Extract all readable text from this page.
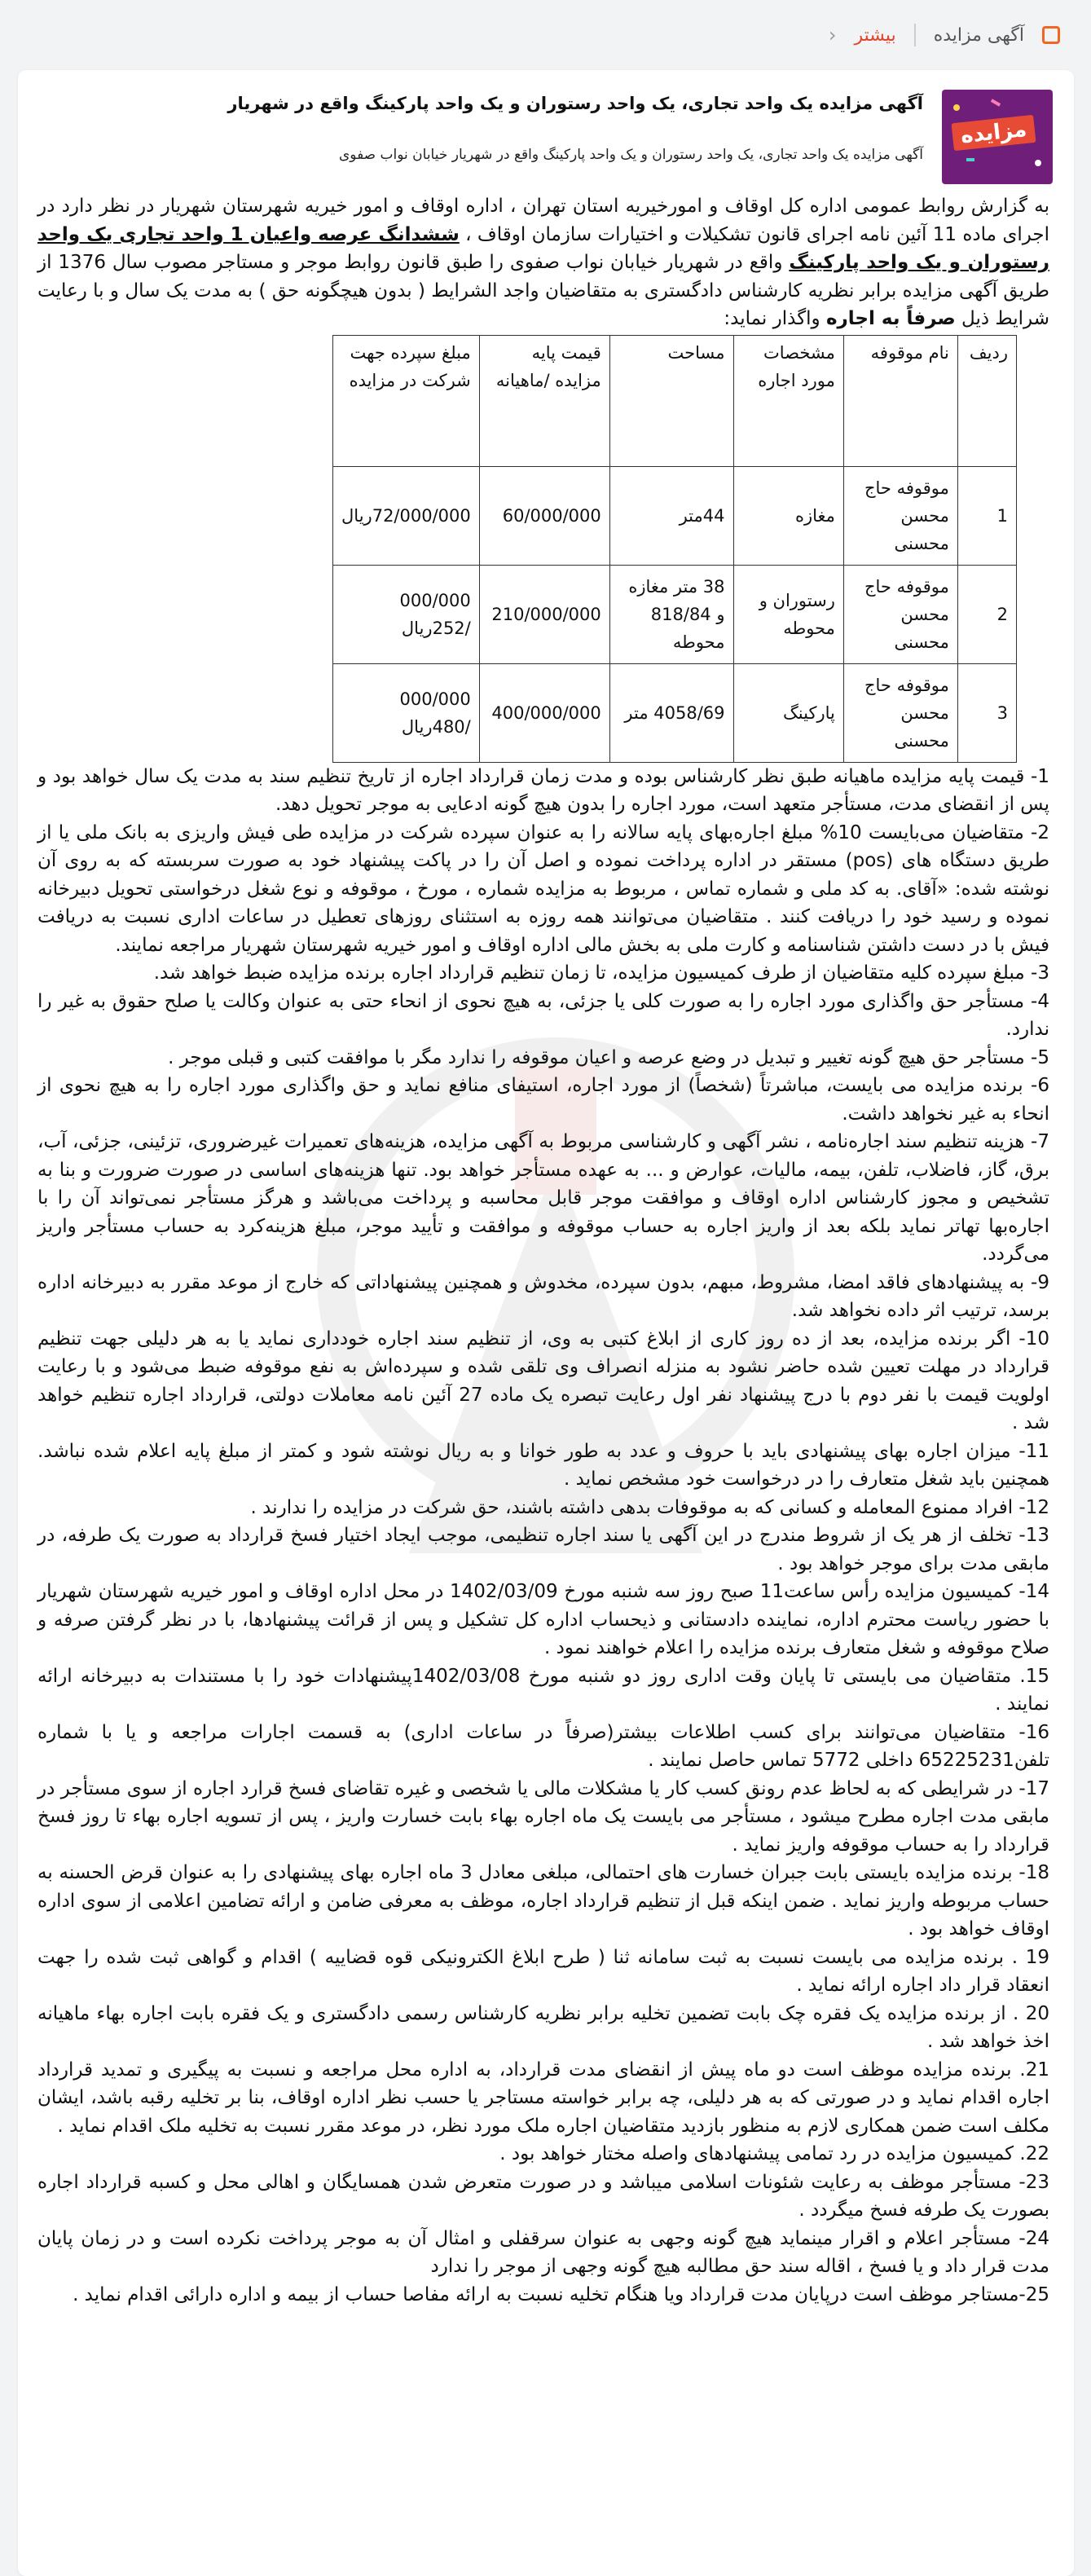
آگهی مزایده
بیشتر
‹
مزایده
آگهی مزایده یک واحد تجاری، یک واحد رستوران و یک واحد پارکینگ واقع در شهریار
آگهی مزایده یک واحد تجاری، یک واحد رستوران و یک واحد پارکینگ واقع در شهریار خیابان نواب صفوی

به گزارش روابط عمومی اداره کل اوقاف و امورخیریه استان تهران ، اداره اوقاف و امور خیریه شهرستان شهریار در نظر دارد در اجرای ماده 11 آئین نامه اجرای قانون تشکیلات و اختیارات سازمان اوقاف ، ششدانگ عرصه واعیان 1 واحد تجاری یک واحد رستوران و یک واحد پارکینگ واقع در شهریار خیابان نواب صفوی را طبق قانون روابط موجر و مستاجر مصوب سال 1376 از طریق آگهی مزایده برابر نظریه کارشناس دادگستری به متقاضیان واجد الشرایط ( بدون هیچگونه حق ) به مدت یک سال و با رعایت شرایط ذیل صرفاً به اجاره واگذار نماید:

ردیف	نام موقوفه	مشخصات مورد اجاره	مساحت	قیمت پایه مزایده /ماهیانه	مبلغ سپرده جهت شرکت در مزایده
1	موقوفه حاج محسن محسنی	مغازه	44متر	60/000/000	72/000/000ریال
2	موقوفه حاج محسن محسنی	رستوران و محوطه	38 متر مغازه و 818/84 محوطه	210/000/000	000/000 /252ریال
3	موقوفه حاج محسن محسنی	پارکینگ	4058/69 متر	400/000/000	000/000 /480ریال

1- قیمت پایه مزایده ماهیانه طبق نظر کارشناس بوده و مدت زمان قرارداد اجاره از تاریخ تنظیم سند به مدت یک سال خواهد بود و پس از انقضای مدت، مستأجر متعهد است، مورد اجاره را بدون هیچ گونه ادعایی به موجر تحویل دهد.

2- متقاضیان می‌بایست 10% مبلغ اجاره‌بهای پایه سالانه را به عنوان سپرده شرکت در مزایده طی فیش واریزی به بانک ملی یا از طریق دستگاه های (pos) مستقر در اداره پرداخت نموده و اصل آن را در پاکت پیشنهاد خود به صورت سربسته که به روی آن نوشته شده: «آقای. به کد ملی و شماره تماس ، مربوط به مزایده شماره ، مورخ ، موقوفه و نوع شغل درخواستی تحویل دبیرخانه نموده و رسید خود را دریافت کنند . متقاضیان می‌توانند همه روزه به استثنای روزهای تعطیل در ساعات اداری نسبت به دریافت فیش با در دست داشتن شناسنامه و کارت ملی به بخش مالی اداره اوقاف و امور خیریه شهرستان شهریار مراجعه نمایند.

3- مبلغ سپرده کلیه متقاضیان از طرف کمیسیون مزایده، تا زمان تنظیم قرارداد اجاره برنده مزایده ضبط خواهد شد.

4- مستأجر حق واگذاری مورد اجاره را به صورت کلی یا جزئی، به هیچ نحوی از انحاء حتی به عنوان وکالت یا صلح حقوق به غیر را ندارد.

5- مستأجر حق هیچ گونه تغییر و تبدیل در وضع عرصه و اعیان موقوفه را ندارد مگر با موافقت کتبی و قبلی موجر .

6- برنده مزایده می بایست، مباشرتاً (شخصاً) از مورد اجاره، استیفای منافع نماید و حق واگذاری مورد اجاره را به هیچ نحوی از انحاء به غیر نخواهد داشت.

7- هزینه تنظیم سند اجاره‌نامه ، نشر آگهی و کارشناسی مربوط به آگهی مزایده، هزینه‌های تعمیرات غیرضروری، تزئینی، جزئی، آب، برق، گاز، فاضلاب، تلفن، بیمه، مالیات، عوارض و ... به عهده مستأجر خواهد بود. تنها هزینه‌های اساسی در صورت ضرورت و بنا به تشخیص و مجوز کارشناس اداره اوقاف و موافقت موجر قابل محاسبه و پرداخت می‌باشد و هرگز مستأجر نمی‌تواند آن را با اجاره‌بها تهاتر نماید بلکه بعد از واریز اجاره به حساب موقوفه و موافقت و تأیید موجر، مبلغ هزینه‌کرد به حساب مستأجر واریز می‌گردد.

9- به پیشنهادهای فاقد امضا، مشروط، مبهم، بدون سپرده، مخدوش و همچنین پیشنهاداتی که خارج از موعد مقرر به دبیرخانه اداره برسد، ترتیب اثر داده نخواهد شد.

10- اگر برنده مزایده، بعد از ده روز کاری از ابلاغ کتبی به وی، از تنظیم سند اجاره خودداری نماید یا به هر دلیلی جهت تنظیم قرارداد در مهلت تعیین شده حاضر نشود به منزله انصراف وی تلقی شده و سپرده‌اش به نفع موقوفه ضبط می‌شود و با رعایت اولویت قیمت با نفر دوم با درج پیشنهاد نفر اول رعایت تبصره یک ماده 27 آئین نامه معاملات دولتی، قرارداد اجاره تنظیم خواهد شد .

11- میزان اجاره بهای پیشنهادی باید با حروف و عدد به طور خوانا و به ریال نوشته شود و کمتر از مبلغ پایه اعلام شده نباشد. همچنین باید شغل متعارف را در درخواست خود مشخص نماید .

12- افراد ممنوع المعامله و کسانی که به موقوفات بدهی داشته باشند، حق شرکت در مزایده را ندارند .

13- تخلف از هر یک از شروط مندرج در این آگهی یا سند اجاره تنظیمی، موجب ایجاد اختیار فسخ قرارداد به صورت یک طرفه، در مابقی مدت برای موجر خواهد بود .

14- کمیسیون مزایده رأس ساعت11 صبح روز سه شنبه مورخ 1402/03/09 در محل اداره اوقاف و امور خیریه شهرستان شهریار با حضور ریاست محترم اداره، نماینده دادستانی و ذیحساب اداره کل تشکیل و پس از قرائت پیشنهادها، با در نظر گرفتن صرفه و صلاح موقوفه و شغل متعارف برنده مزایده را اعلام خواهند نمود .

15. متقاضیان می بایستی تا پایان وقت اداری روز دو شنبه مورخ 1402/03/08پیشنهادات خود را با مستندات به دبیرخانه ارائه نمایند .

16- متقاضیان می‌توانند برای کسب اطلاعات بیشتر(صرفاً در ساعات اداری) به قسمت اجارات مراجعه و یا با شماره تلفن65225231 داخلی 5772 تماس حاصل نمایند .

17- در شرایطی که به لحاظ عدم رونق کسب کار یا مشکلات مالی یا شخصی و غیره تقاضای فسخ قرارد اجاره از سوی مستأجر در مابقی مدت اجاره مطرح میشود ، مستأجر می بایست یک ماه اجاره بهاء بابت خسارت واریز ، پس از تسویه اجاره بهاء تا روز فسخ قرارداد را به حساب موقوفه واریز نماید .

18- برنده مزایده بایستی بابت جبران خسارت های احتمالی، مبلغی معادل 3 ماه اجاره بهای پیشنهادی را به عنوان قرض الحسنه به حساب مربوطه واریز نماید . ضمن اینکه قبل از تنظیم قرارداد اجاره، موظف به معرفی ضامن و ارائه تضامین اعلامی از سوی اداره اوقاف خواهد بود .

19 . برنده مزایده می بایست نسبت به ثبت سامانه ثنا ( طرح ابلاغ الکترونیکی قوه قضاییه ) اقدام و گواهی ثبت شده را جهت انعقاد قرار داد اجاره ارائه نماید .

20 . از برنده مزایده یک فقره چک بابت تضمین تخلیه برابر نظریه کارشناس رسمی دادگستری و یک فقره بابت اجاره بهاء ماهیانه اخذ خواهد شد .

21. برنده مزایده موظف است دو ماه پیش از انقضای مدت قرارداد، به اداره محل مراجعه و نسبت به پیگیری و تمدید قرارداد اجاره اقدام نماید و در صورتی که به هر دلیلی، چه برابر خواسته مستاجر یا حسب نظر اداره اوقاف، بنا بر تخلیه رقبه باشد، ایشان مکلف است ضمن همکاری لازم به منظور بازدید متقاضیان اجاره ملک مورد نظر، در موعد مقرر نسبت به تخلیه ملک اقدام نماید .

22. کمیسیون مزایده در رد تمامی پیشنهادهای واصله مختار خواهد بود .

23- مستأجر موظف به رعایت شئونات اسلامی میباشد و در صورت متعرض شدن همسایگان و اهالی محل و کسبه قرارداد اجاره بصورت یک طرفه فسخ میگردد .

24- مستأجر اعلام و اقرار مینماید هیچ گونه وجهی به عنوان سرقفلی و امثال آن به موجر پرداخت نکرده است و در زمان پایان مدت قرار داد و یا فسخ ، اقاله سند حق مطالبه هیچ گونه وجهی از موجر را ندارد

25-مستاجر موظف است درپایان مدت قرارداد ویا هنگام تخلیه نسبت به ارائه مفاصا حساب از بیمه و اداره دارائی اقدام نماید .
